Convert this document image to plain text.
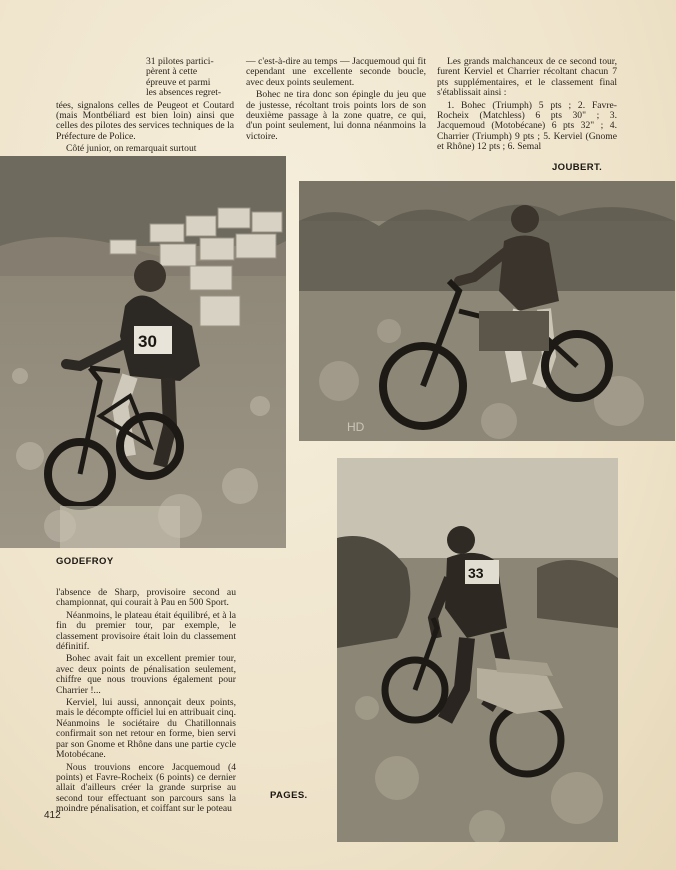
31 pilotes partici-
pèrent à cette
épreuve et parmi
les absences regret-

tées, signalons celles de Peugeot et Coutard (mais Montbéliard est bien loin) ainsi que celles des pilotes des services techniques de la Préfecture de Police.

Côté junior, on remarquait surtout

— c'est-à-dire au temps — Jacquemoud qui fit cependant une excellente seconde boucle, avec deux points seulement.

Bohec ne tira donc son épingle du jeu que de justesse, récoltant trois points lors de son deuxième passage à la zone quatre, ce qui, d'un point seulement, lui donna néanmoins la victoire.

Les grands malchanceux de ce second tour, furent Kerviel et Charrier récoltant chacun 7 pts supplémentaires, et le classement final s'établissait ainsi :

1. Bohec (Triumph) 5 pts ; 2. Favre-Rocheix (Matchless) 6 pts 30" ; 3. Jacquemoud (Motobécane) 6 pts 32" ; 4. Charrier (Triumph) 9 pts ; 5. Kerviel (Gnome et Rhône) 12 pts ; 6. Semal

JOUBERT.
30
GODEFROY
HD

l'absence de Sharp, provisoire second au championnat, qui courait à Pau en 500 Sport.

Néanmoins, le plateau était équilibré, et à la fin du premier tour, par exemple, le classement provisoire était loin du classement définitif.

Bohec avait fait un excellent premier tour, avec deux points de pénalisation seulement, chiffre que nous trouvions également pour Charrier !...

Kerviel, lui aussi, annonçait deux points, mais le décompte officiel lui en attribuait cinq. Néanmoins le sociétaire du Chatillonnais confirmait son net retour en forme, bien servi par son Gnome et Rhône dans une partie cycle Motobécane.

Nous trouvions encore Jacquemoud (4 points) et Favre-Rocheix (6 points) ce dernier allait d'ailleurs créer la grande surprise au second tour effectuant son parcours sans la moindre pénalisation, et coiffant sur le poteau

33
PAGES.
412
